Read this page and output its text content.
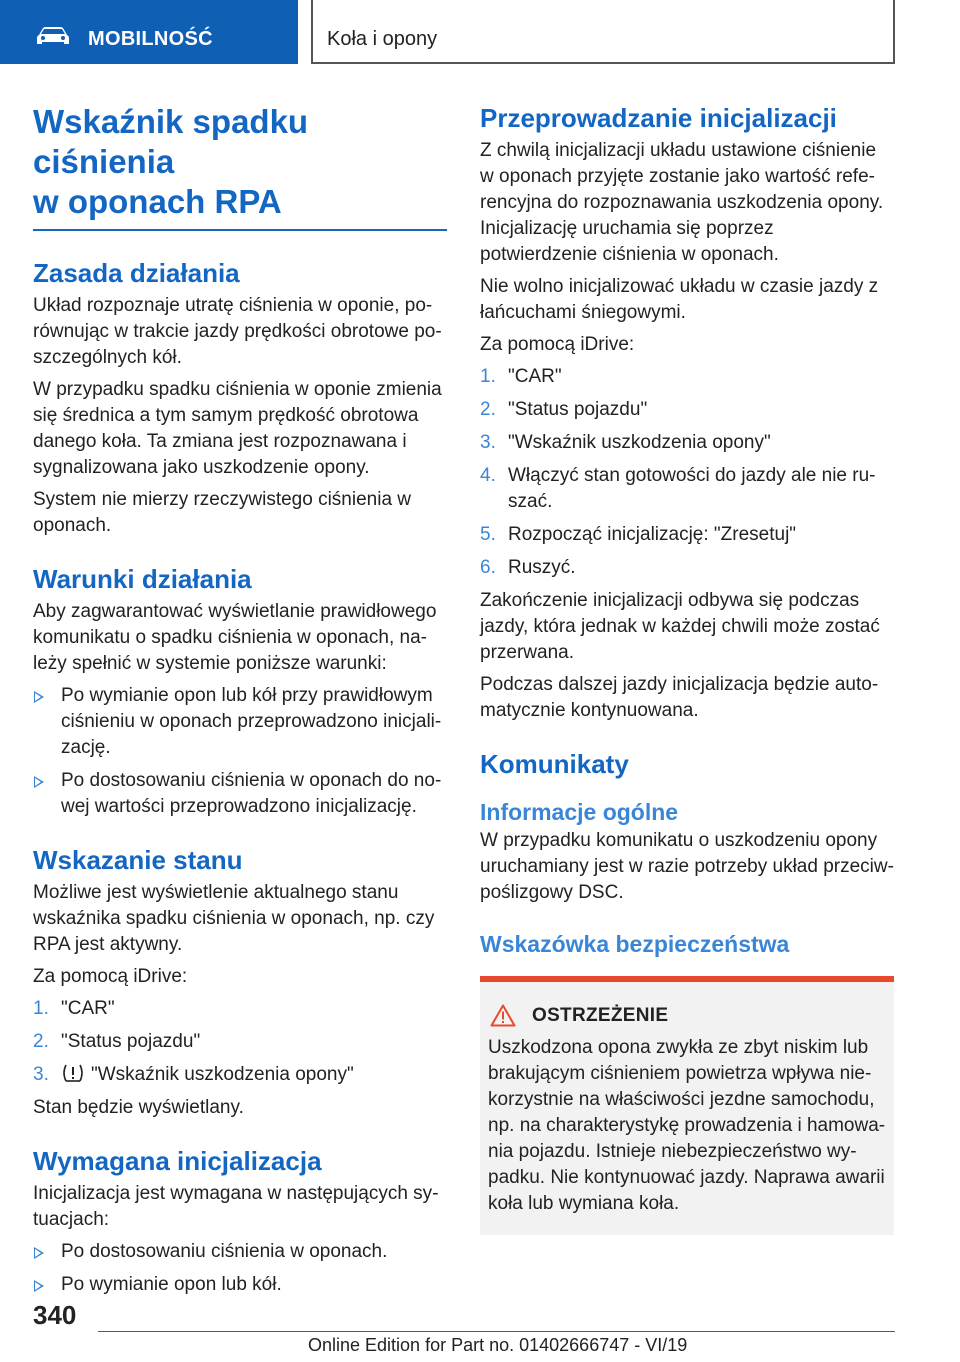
MOBILNOŚĆ	Koła i opony
Wskaźnik spadku ciśnienia
w oponach RPA
Zasada działania

Układ rozpoznaje utratę ciśnienia w oponie, porównując w trakcie jazdy prędkości obrotowe poszczególnych kół.

W przypadku spadku ciśnienia w oponie zmienia się średnica a tym samym prędkość obrotowa danego koła. Ta zmiana jest rozpoznawana i sygnalizowana jako uszkodzenie opony.

System nie mierzy rzeczywistego ciśnienia w oponach.

Warunki działania

Aby zagwarantować wyświetlanie prawidłowego komunikatu o spadku ciśnienia w oponach, należy spełnić w systemie poniższe warunki:

Po wymianie opon lub kół przy prawidłowym ciśnieniu w oponach przeprowadzono inicjalizację.
Po dostosowaniu ciśnienia w oponach do nowej wartości przeprowadzono inicjalizację.
Wskazanie stanu

Możliwe jest wyświetlenie aktualnego stanu wskaźnika spadku ciśnienia w oponach, np. czy RPA jest aktywny.

Za pomocą iDrive:

1. "CAR"
2. "Status pojazdu"
3. "Wskaźnik uszkodzenia opony"

Stan będzie wyświetlany.

Wymagana inicjalizacja

Inicjalizacja jest wymagana w następujących sytuacjach:

Po dostosowaniu ciśnienia w oponach.
Po wymianie opon lub kół.
Przeprowadzanie inicjalizacji

Z chwilą inicjalizacji układu ustawione ciśnienie w oponach przyjęte zostanie jako wartość referencyjna do rozpoznawania uszkodzenia opony. Inicjalizację uruchamia się poprzez potwierdzenie ciśnienia w oponach.

Nie wolno inicjalizować układu w czasie jazdy z łańcuchami śniegowymi.

Za pomocą iDrive:

1. "CAR"
2. "Status pojazdu"
3. "Wskaźnik uszkodzenia opony"
4. Włączyć stan gotowości do jazdy ale nie ruszać.
5. Rozpocząć inicjalizację: "Zresetuj"
6. Ruszyć.

Zakończenie inicjalizacji odbywa się podczas jazdy, która jednak w każdej chwili może zostać przerwana.

Podczas dalszej jazdy inicjalizacja będzie automatycznie kontynuowana.

Komunikaty
Informacje ogólne

W przypadku komunikatu o uszkodzeniu opony uruchamiany jest w razie potrzeby układ przeciwpoślizgowy DSC.

Wskazówka bezpieczeństwa
OSTRZEŻENIE

Uszkodzona opona zwykła ze zbyt niskim lub brakującym ciśnieniem powietrza wpływa niekorzystnie na właściwości jezdne samochodu, np. na charakterystykę prowadzenia i hamowania pojazdu. Istnieje niebezpieczeństwo wypadku. Nie kontynuować jazdy. Naprawa awarii koła lub wymiana koła.

340
Online Edition for Part no. 01402666747 - VI/19
